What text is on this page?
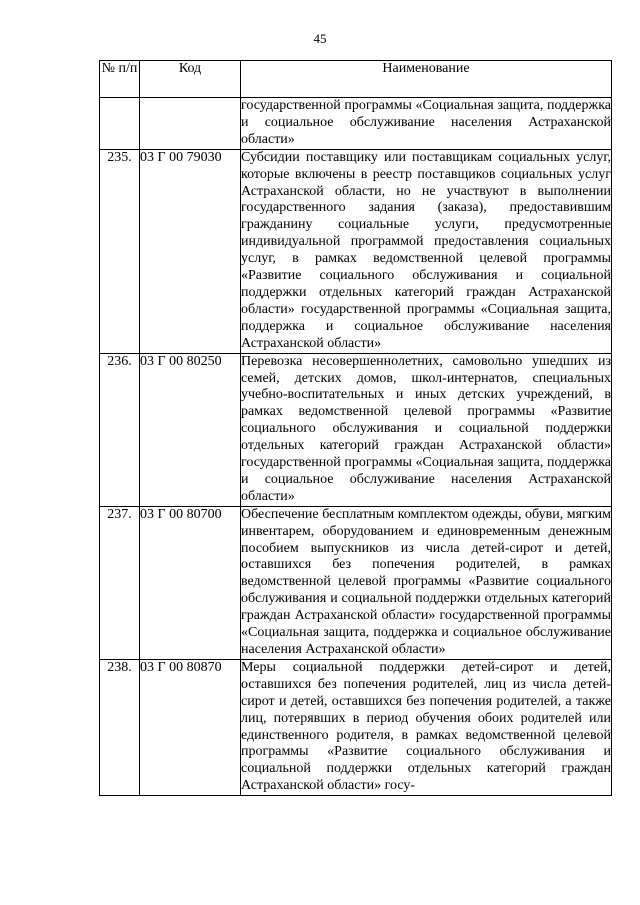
45
№ п/п	Код	Наименование
		государственной программы «Социальная защита, поддержка и социальное обслуживание населения Астраханской области»
235.	03 Г 00 79030	Субсидии поставщику или поставщикам социальных услуг, которые включены в реестр поставщиков социальных услуг Астраханской области, но не участвуют в выполнении государственного задания (заказа), предоставившим гражданину социальные услуги, предусмотренные индивидуальной программой предоставления социальных услуг, в рамках ведомственной целевой программы «Развитие социального обслуживания и социальной поддержки отдельных категорий граждан Астраханской области» государственной программы «Социальная защита, поддержка и социальное обслуживание населения Астраханской области»
236.	03 Г 00 80250	Перевозка несовершеннолетних, самовольно ушедших из семей, детских домов, школ-интернатов, специальных учебно-воспитательных и иных детских учреждений, в рамках ведомственной целевой программы «Развитие социального обслуживания и социальной поддержки отдельных категорий граждан Астраханской области» государственной программы «Социальная защита, поддержка и социальное обслуживание населения Астраханской области»
237.	03 Г 00 80700	Обеспечение бесплатным комплектом одежды, обуви, мягким инвентарем, оборудованием и единовременным денежным пособием выпускников из числа детей-сирот и детей, оставшихся без попечения родителей, в рамках ведомственной целевой программы «Развитие социального обслуживания и социальной поддержки отдельных категорий граждан Астраханской области» государственной программы «Социальная защита, поддержка и социальное обслуживание населения Астраханской области»
238.	03 Г 00 80870	Меры социальной поддержки детей-сирот и детей, оставшихся без попечения родителей, лиц из числа детей-сирот и детей, оставшихся без попечения родителей, а также лиц, потерявших в период обучения обоих родителей или единственного родителя, в рамках ведомственной целевой программы «Развитие социального обслуживания и социальной поддержки отдельных категорий граждан Астраханской области» госу-
